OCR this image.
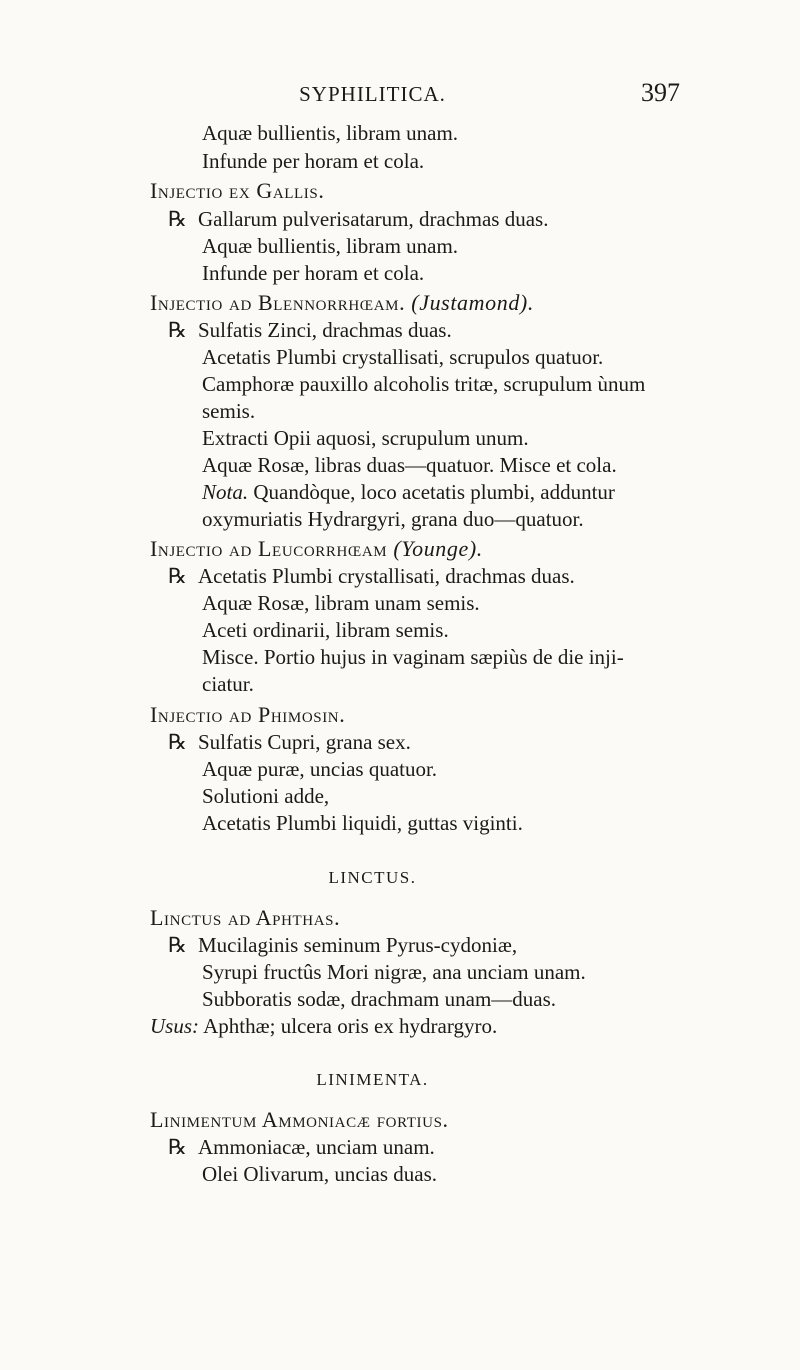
SYPHILITICA.	397
Aquæ bullientis, libram unam.
Infunde per horam et cola.
Injectio ex Gallis.
℞ Gallarum pulverisatarum, drachmas duas.
Aquæ bullientis, libram unam.
Infunde per horam et cola.
Injectio ad Blennorrhœam. (Justamond).
℞ Sulfatis Zinci, drachmas duas.
Acetatis Plumbi crystallisati, scrupulos quatuor.
Camphoræ pauxillo alcoholis tritæ, scrupulum ùnum
semis.
Extracti Opii aquosi, scrupulum unum.
Aquæ Rosæ, libras duas—quatuor. Misce et cola.
Nota. Quandòque, loco acetatis plumbi, adduntur
oxymuriatis Hydrargyri, grana duo—quatuor.
Injectio ad Leucorrhœam (Younge).
℞ Acetatis Plumbi crystallisati, drachmas duas.
Aquæ Rosæ, libram unam semis.
Aceti ordinarii, libram semis.
Misce. Portio hujus in vaginam sæpiùs de die inji-
ciatur.
Injectio ad Phimosin.
℞ Sulfatis Cupri, grana sex.
Aquæ puræ, uncias quatuor.
Solutioni adde,
Acetatis Plumbi liquidi, guttas viginti.
LINCTUS.
Linctus ad Aphthas.
℞ Mucilaginis seminum Pyrus-cydoniæ,
Syrupi fructûs Mori nigræ, ana unciam unam.
Subboratis sodæ, drachmam unam—duas.
Usus: Aphthæ; ulcera oris ex hydrargyro.
LINIMENTA.
Linimentum Ammoniacæ fortius.
℞ Ammoniacæ, unciam unam.
Olei Olivarum, uncias duas.
